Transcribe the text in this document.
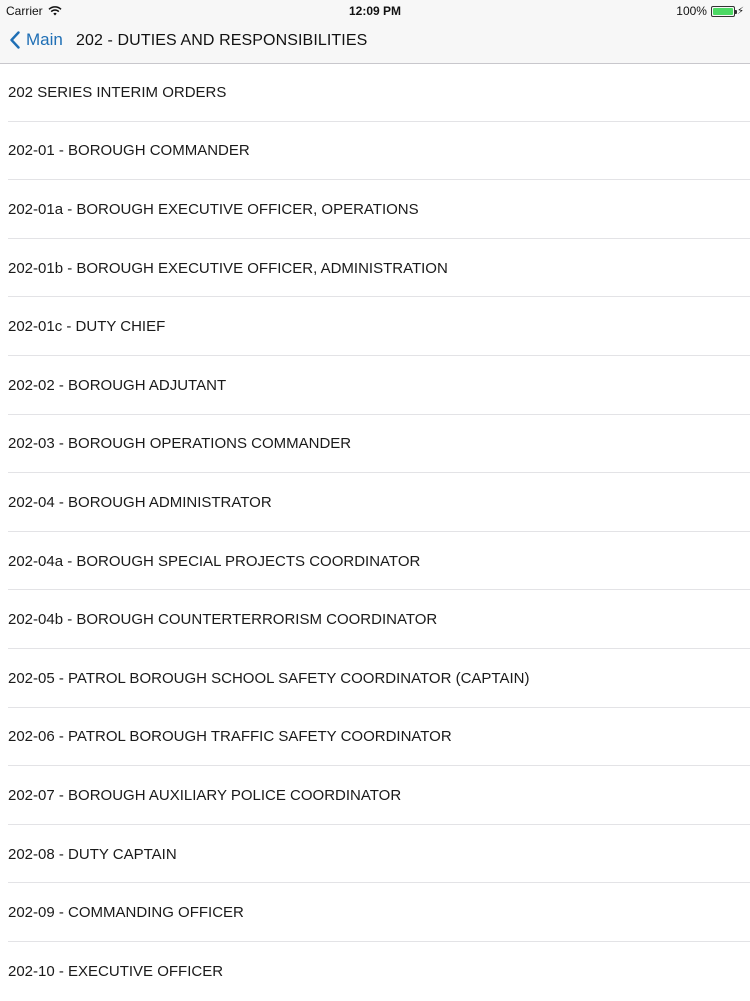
Carrier	12:09 PM	100%	⚡
Main 202 - DUTIES AND RESPONSIBILITIES
202 SERIES INTERIM ORDERS
202-01 - BOROUGH COMMANDER
202-01a - BOROUGH EXECUTIVE OFFICER, OPERATIONS
202-01b - BOROUGH EXECUTIVE OFFICER, ADMINISTRATION
202-01c - DUTY CHIEF
202-02 - BOROUGH ADJUTANT
202-03 - BOROUGH OPERATIONS COMMANDER
202-04 - BOROUGH ADMINISTRATOR
202-04a - BOROUGH SPECIAL PROJECTS COORDINATOR
202-04b - BOROUGH COUNTERTERRORISM COORDINATOR
202-05 - PATROL BOROUGH SCHOOL SAFETY COORDINATOR (CAPTAIN)
202-06 - PATROL BOROUGH TRAFFIC SAFETY COORDINATOR
202-07 - BOROUGH AUXILIARY POLICE COORDINATOR
202-08 - DUTY CAPTAIN
202-09 - COMMANDING OFFICER
202-10 - EXECUTIVE OFFICER
